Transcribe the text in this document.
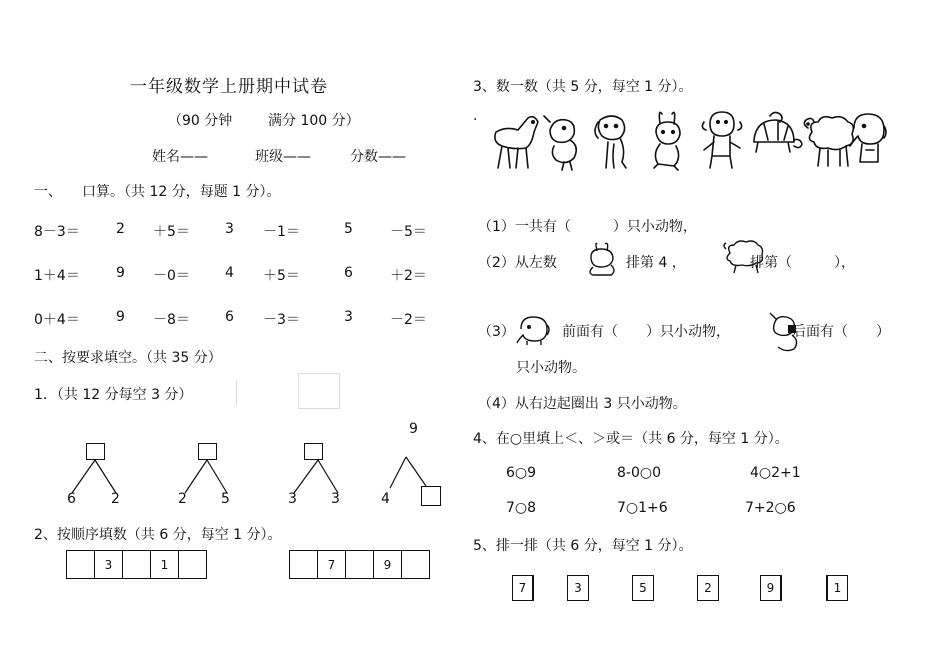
一年级数学上册期中试卷
（90 分钟	满分 100 分）
姓名——	班级——	分数——
一、 口算。（共 12 分，每题 1 分）。
8－3＝	2 ＋5＝	3 －1＝	5	－5＝
1＋4＝	9 －0＝	4 ＋5＝	6	＋2＝
0＋4＝	9 －8＝	6 －3＝	3	－2＝
二、按要求填空。（共 35 分）
1．（共 12 分每空 3 分）
6	2	2 5	3 3
9
4
2、按顺序填数（共 6 分，每空 1 分）。
3	1	7	9
3、数一数（共 5 分，每空 1 分）。
·
（1）一共有（　　　）只小动物，
（2）从左数	排第 4 ，	排第（　　　），
（3）	前面有（　　）只小动物，	后面有（　　）
只小动物。
（4）从右边起圈出 3 只小动物。
4、在○里填上＜、＞或＝（共 6 分，每空 1 分）。
6○9	8-0○0	4○2+1
7○8	7○1+6	7+2○6
5、排一排（共 6 分，每空 1 分）。
7	3	5	2	9	1
